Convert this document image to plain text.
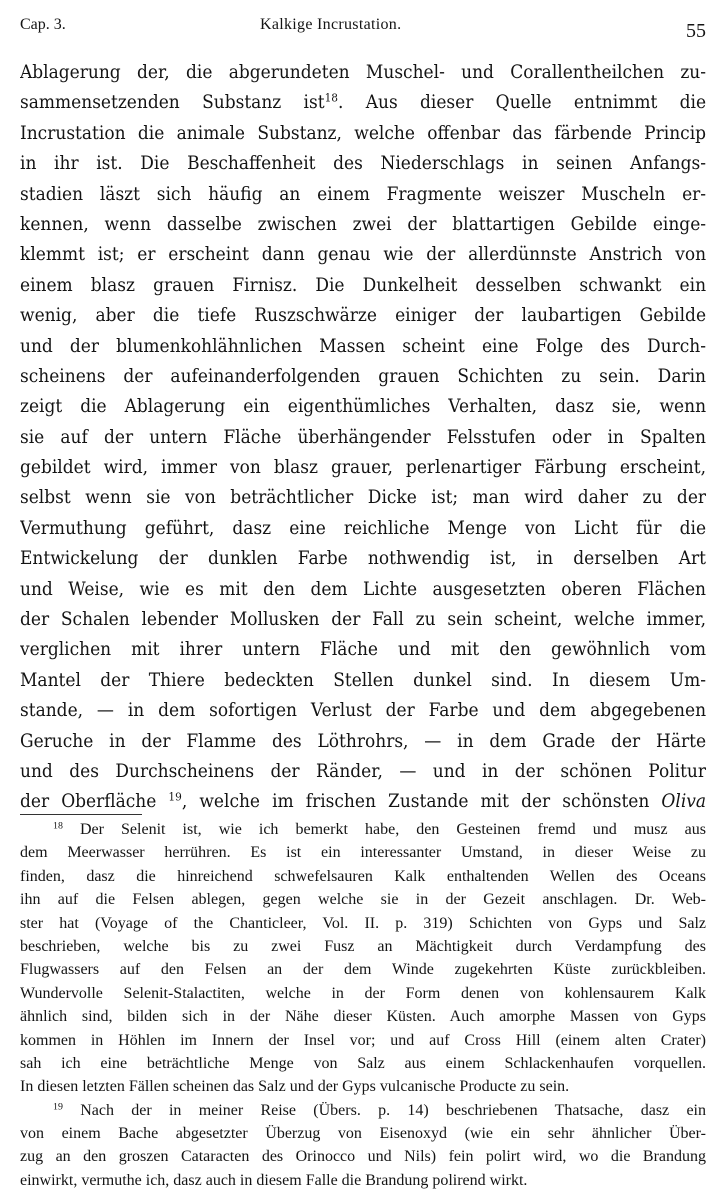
Cap. 3.	Kalkige Incrustation.	55
Ablagerung der, die abgerundeten Muschel- und Corallentheilchen zu-
sammensetzenden Substanz ist$^{18}$. Aus dieser Quelle entnimmt die
Incrustation die animale Substanz, welche offenbar das färbende Princip
in ihr ist. Die Beschaffenheit des Niederschlags in seinen Anfangs-
stadien läszt sich häufig an einem Fragmente weiszer Muscheln er-
kennen, wenn dasselbe zwischen zwei der blattartigen Gebilde einge-
klemmt ist; er erscheint dann genau wie der allerdünnste Anstrich von
einem blasz grauen Firnisz. Die Dunkelheit desselben schwankt ein
wenig, aber die tiefe Ruszschwärze einiger der laubartigen Gebilde
und der blumenkohlähnlichen Massen scheint eine Folge des Durch-
scheinens der aufeinanderfolgenden grauen Schichten zu sein. Darin
zeigt die Ablagerung ein eigenthümliches Verhalten, dasz sie, wenn
sie auf der untern Fläche überhängender Felsstufen oder in Spalten
gebildet wird, immer von blasz grauer, perlenartiger Färbung erscheint,
selbst wenn sie von beträchtlicher Dicke ist; man wird daher zu der
Vermuthung geführt, dasz eine reichliche Menge von Licht für die
Entwickelung der dunklen Farbe nothwendig ist, in derselben Art
und Weise, wie es mit den dem Lichte ausgesetzten oberen Flächen
der Schalen lebender Mollusken der Fall zu sein scheint, welche immer,
verglichen mit ihrer untern Fläche und mit den gewöhnlich vom
Mantel der Thiere bedeckten Stellen dunkel sind. In diesem Um-
stande, — in dem sofortigen Verlust der Farbe und dem abgegebenen
Geruche in der Flamme des Löthrohrs, — in dem Grade der Härte
und des Durchscheinens der Ränder, — und in der schönen Politur
der Oberfläche $^{19}$, welche im frischen Zustande mit der schönsten Oliva
$^{18}$ Der Selenit ist, wie ich bemerkt habe, den Gesteinen fremd und musz aus
dem Meerwasser herrühren. Es ist ein interessanter Umstand, in dieser Weise zu
finden, dasz die hinreichend schwefelsauren Kalk enthaltenden Wellen des Oceans
ihn auf die Felsen ablegen, gegen welche sie in der Gezeit anschlagen. Dr. Web-
ster hat (Voyage of the Chanticleer, Vol. II. p. 319) Schichten von Gyps und Salz
beschrieben, welche bis zu zwei Fusz an Mächtigkeit durch Verdampfung des
Flugwassers auf den Felsen an der dem Winde zugekehrten Küste zurückbleiben.
Wundervolle Selenit-Stalactiten, welche in der Form denen von kohlensaurem Kalk
ähnlich sind, bilden sich in der Nähe dieser Küsten. Auch amorphe Massen von Gyps
kommen in Höhlen im Innern der Insel vor; und auf Cross Hill (einem alten Crater)
sah ich eine beträchtliche Menge von Salz aus einem Schlackenhaufen vorquellen.
In diesen letzten Fällen scheinen das Salz und der Gyps vulcanische Producte zu sein.
$^{19}$ Nach der in meiner Reise (Übers. p. 14) beschriebenen Thatsache, dasz ein
von einem Bache abgesetzter Überzug von Eisenoxyd (wie ein sehr ähnlicher Über-
zug an den groszen Cataracten des Orinocco und Nils) fein polirt wird, wo die Brandung
einwirkt, vermuthe ich, dasz auch in diesem Falle die Brandung polirend wirkt.
